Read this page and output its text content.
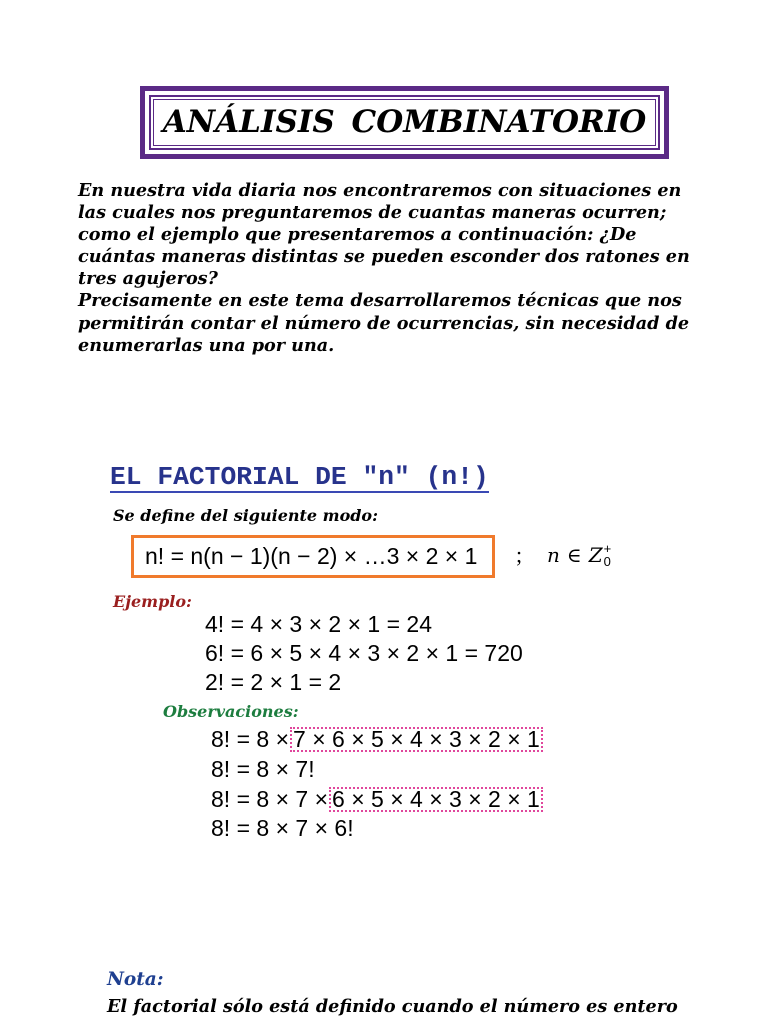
ANÁLISIS COMBINATORIO
En nuestra vida diaria nos encontraremos con situaciones en
las cuales nos preguntaremos de cuantas maneras ocurren;
como el ejemplo que presentaremos a continuación: ¿De
cuántas maneras distintas se pueden esconder dos ratones en
tres agujeros?
Precisamente en este tema desarrollaremos técnicas que nos
permitirán contar el número de ocurrencias, sin necesidad de
enumerarlas una por una.
EL FACTORIAL DE "n" (n!)
Se define del siguiente modo:
n! = n(n − 1)(n − 2) × …3 × 2 × 1 ; n ∈ Z +
0
Ejemplo:
4! = 4 × 3 × 2 × 1 = 24
6! = 6 × 5 × 4 × 3 × 2 × 1 = 720
2! = 2 × 1 = 2
Observaciones:
8! = 8 × 7 × 6 × 5 × 4 × 3 × 2 × 1
8! = 8 × 7!
8! = 8 × 7 × 6 × 5 × 4 × 3 × 2 × 1
8! = 8 × 7 × 6!
Nota:
El factorial sólo está definido cuando el número es entero
